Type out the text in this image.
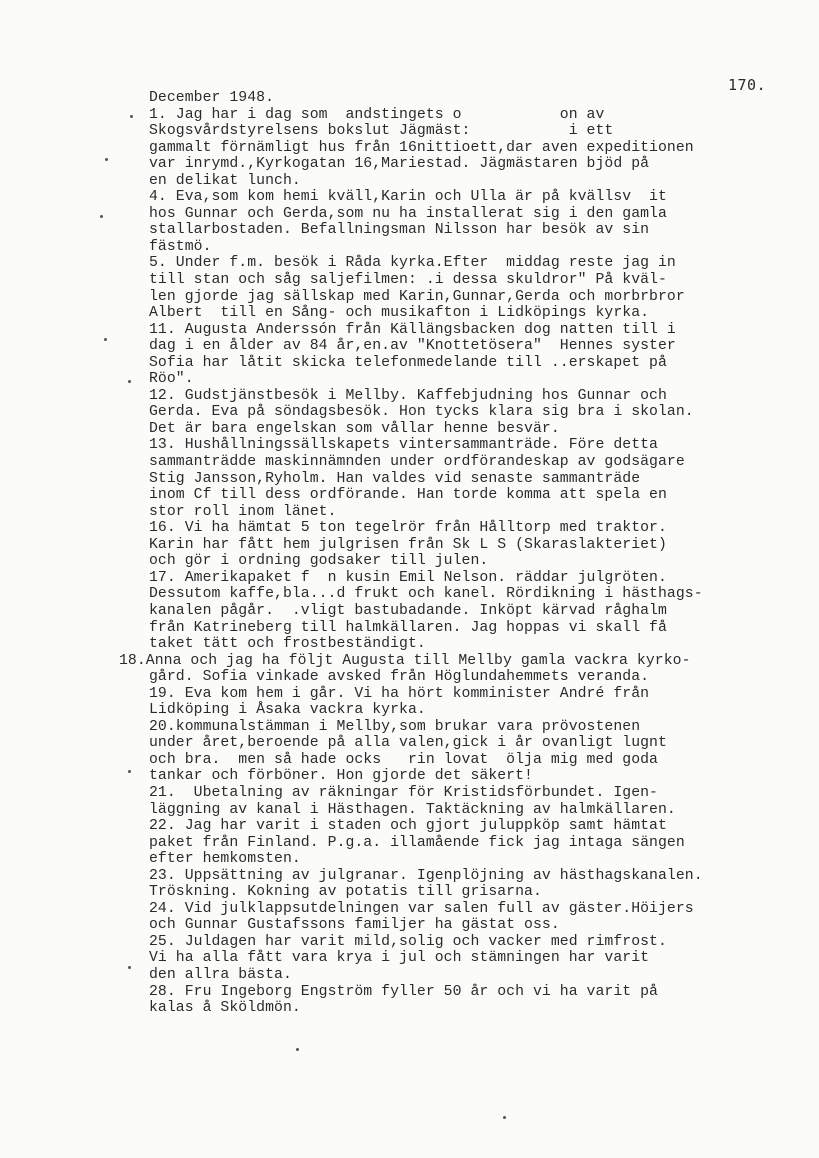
170.
December 1948.
1. Jag har i dag som  andstingets o           on av
Skogsvårdstyrelsens bokslut Jägmäst:           i ett
gammalt förnämligt hus från 16nittioett,dar aven expeditionen
var inrymd.,Kyrkogatan 16,Mariestad. Jägmästaren bjöd på
en delikat lunch.
4. Eva,som kom hemi kväll,Karin och Ulla är på kvällsv  it
hos Gunnar och Gerda,som nu ha installerat sig i den gamla
stallarbostaden. Befallningsman Nilsson har besök av sin
fästmö.
5. Under f.m. besök i Råda kyrka.Efter  middag reste jag in
till stan och såg saljefilmen: .i dessa skuldror" På kväl-
len gjorde jag sällskap med Karin,Gunnar,Gerda och morbrbror
Albert  till en Sång- och musikafton i Lidköpings kyrka.
11. Augusta Anderssón från Källängsbacken dog natten till i
dag i en ålder av 84 år,en.av "Knottetösera"  Hennes syster
Sofia har låtit skicka telefonmedelande till ..erskapet på
Röo".
12. Gudstjänstbesök i Mellby. Kaffebjudning hos Gunnar och
Gerda. Eva på söndagsbesök. Hon tycks klara sig bra i skolan.
Det är bara engelskan som vållar henne besvär.
13. Hushållningssällskapets vintersammanträde. Före detta
sammanträdde maskinnämnden under ordförandeskap av godsägare
Stig Jansson,Ryholm. Han valdes vid senaste sammanträde
inom Cf till dess ordförande. Han torde komma att spela en
stor roll inom länet.
16. Vi ha hämtat 5 ton tegelrör från Hålltorp med traktor.
Karin har fått hem julgrisen från Sk L S (Skaraslakteriet)
och gör i ordning godsaker till julen.
17. Amerikapaket f  n kusin Emil Nelson. räddar julgröten.
Dessutom kaffe,bla...d frukt och kanel. Rördikning i hästhags-
kanalen pågår.  .vligt bastubadande. Inköpt kärvad råghalm
från Katrineberg till halmkällaren. Jag hoppas vi skall få
taket tätt och frostbeständigt.
18.Anna och jag ha följt Augusta till Mellby gamla vackra kyrko-
gård. Sofia vinkade avsked från Höglundahemmets veranda.
19. Eva kom hem i går. Vi ha hört komminister André från
Lidköping i Åsaka vackra kyrka.
20.kommunalstämman i Mellby,som brukar vara prövostenen
under året,beroende på alla valen,gick i år ovanligt lugnt
och bra.  men så hade ocks   rin lovat  ölja mig med goda
tankar och förböner. Hon gjorde det säkert!
21.  Ubetalning av räkningar för Kristidsförbundet. Igen-
läggning av kanal i Hästhagen. Taktäckning av halmkällaren.
22. Jag har varit i staden och gjort juluppköp samt hämtat
paket från Finland. P.g.a. illamående fick jag intaga sängen
efter hemkomsten.
23. Uppsättning av julgranar. Igenplöjning av hästhagskanalen.
Tröskning. Kokning av potatis till grisarna.
24. Vid julklappsutdelningen var salen full av gäster.Höijers
och Gunnar Gustafssons familjer ha gästat oss.
25. Juldagen har varit mild,solig och vacker med rimfrost.
Vi ha alla fått vara krya i jul och stämningen har varit
den allra bästa.
28. Fru Ingeborg Engström fyller 50 år och vi ha varit på
kalas å Sköldmön.
